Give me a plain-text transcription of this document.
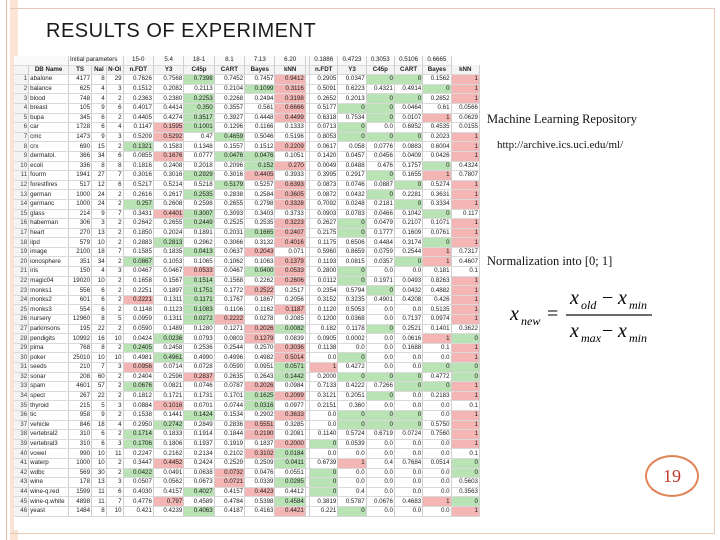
RESULTS OF EXPERIMENT
		Initial parameters			15-0	5.4	18-1	8.1	7.13	6.20		0.1886	0.4723	0.3053	0.5106	0.6665	
	DB Name	TS	Nal	N-Ol	n.FDT	Y3	C45p	CART	Bayes	kNN		n.FDT	Y3	C45p	CART	Bayes	kNN
1	abalone	4177	8	29	0.7626	0.7568	0.7398	0.7452	0.7457	0.9412		0.2905	0.0347	0	0	0.1562	1
2	balance	625	4	3	0.1512	0.2082	0.2113	0.2104	0.1099	0.3116		0.5091	0.6223	0.4321	0.4914	0	1
3	blood	748	4	2	0.2363	0.2380	0.2253	0.2268	0.2494	0.3198		0.2652	0.2013	0	0	0.2852	1
4	breast	105	9	6	0.4017	0.4414	0.350	0.3557	0.561	0.6666		0.5177	0	0	0.0464	0.61	0.0566
5	bupa	345	6	2	0.4405	0.4274	0.3517	0.3927	0.4448	0.4499		0.6318	0.7534	0	0.0107	1	0.0629
6	car	1728	6	4	0.1147	0.1595	0.1001	0.1296	0.1166	0.1333		0.0713	0	0.0	0.6952	0.4535	0.0155
7	cmc	1473	9	3	0.5209	0.5292	0.47	0.4659	0.5046	0.5196		0.8053	0	0	0	0.2023	1
8	crx	690	15	2	0.1321	0.1583	0.1348	0.1557	0.1512	0.2209		0.0617	0.058	0.0776	0.0883	0.6004	1
9	dermatol.	366	34	6	0.0855	0.1676	0.0777	0.0476	0.0476	0.1051		0.1420	0.0457	0.0456	0.0409	0.0426	1
10	ecoli	336	8	8	0.1816	0.2408	0.2018	0.2096	0.152	0.270		0.0049	0.0488	0.476	0.1757	0	0.4324
11	fourm	1941	27	7	0.3016	0.3016	0.2929	0.3016	0.4405	0.3933		0.3995	0.2917	0	0.1655	1	0.7807
12	forestfires	517	12	6	0.5217	0.5214	0.5218	0.5179	0.5257	0.6393		0.0873	0.0746	0.0887	0	0.5274	1
13	german	1000	24	2	0.2616	0.2617	0.2535	0.2838	0.2584	0.3605		0.0872	0.0432	0	0.2281	0.3631	1
14	germanc	1000	24	2	0.257	0.2608	0.2598	0.2655	0.2798	0.3328		0.7092	0.0248	0.2181	0	0.3334	1
15	glass	214	9	7	0.3431	0.4401	0.3007	0.3093	0.3403	0.3733		0.0903	0.0783	0.0466	0.1042	0	0.117
16	haberman	306	3	2	0.2642	0.2655	0.2449	0.2525	0.2535	0.3223		0.2627	0	0.0479	0.2107	0.1071	1
17	heart	270	13	2	0.1850	0.2024	0.1891	0.2031	0.1665	0.2407		0.2175	0	0.1777	0.1609	0.0761	1
18	ilpd	579	10	2	0.2883	0.2813	0.2962	0.3066	0.3132	0.4016		0.1175	0.6506	0.4484	0.3174	0	1
19	image	2100	18	7	0.1585	0.1835	0.0413	0.0637	0.2043	0.071		0.5960	0.8659	0.0759	0.2544	1	0.7317
20	ionosphere	351	34	2	0.0867	0.1053	0.1065	0.1062	0.1063	0.1379		0.1193	0.0815	0.0357	0	1	0.4607
21	iris	150	4	3	0.0467	0.0467	0.0533	0.0467	0.0400	0.0533		0.2800	0	0.0	0.0	0.181	0.1
22	magic04	19020	10	2	0.1658	0.1567	0.1514	0.1568	0.2262	0.2606		0.0112	0	0.1971	0.0493	0.8263	1
23	monks1	556	6	2	0.2251	0.1897	0.1751	0.1772	0.2522	0.2517		0.2354	0.5794	0	0.0432	0.4882	1
24	monks2	601	6	2	0.2221	0.1311	0.1171	0.1767	0.1867	0.2056		0.3152	0.3235	0.4901	0.4208	0.426	1
25	monks3	554	6	2	0.1148	0.1123	0.1083	0.1106	0.1162	0.1187		0.1120	0.5053	0.0	0.0	0.5135	1
26	nursery	12960	8	5	0.0959	0.1311	0.0272	0.2222	0.0278	0.2085		0.1200	0.0368	0.0	0.7137	0.0974	1
27	parkinsons	195	22	2	0.0590	0.1489	0.1280	0.1271	0.2026	0.0082		0.182	0.1178	0	0.2521	0.1401	0.3622
28	pendigits	10992	16	10	0.0424	0.0236	0.0793	0.0803	0.1279	0.0839		0.0905	0.0002	0.0	0.0616	1	0
29	pima	768	8	2	0.2405	0.2458	0.2536	0.2544	0.2570	0.3036		0.1138	0.0	0.0	0.1688	0.1	1
30	poker	25010	10	10	0.4981	0.4961	0.4990	0.4996	0.4982	0.5014		0.0	0	0.0	0.0	0.0	1
31	seeds	210	7	3	0.0956	0.0714	0.0728	0.0590	0.0951	0.0571		1	0.4272	0.0	0.0	0	0
32	sonar	208	60	2	0.2404	0.2596	0.2837	0.2635	0.2643	0.1442		0.2000	0	0	0	0.4772	0
33	spam	4601	57	2	0.0676	0.0821	0.0746	0.0787	0.2026	0.0984		0.7133	0.4222	0.7266	0	0	1
34	spect	267	22	2	0.1812	0.1721	0.1731	0.1701	0.1625	0.2099		0.3121	0.2051	0	0.0	0.2183	1
35	thyroid	215	5	3	0.0884	0.1016	0.0701	0.0744	0.0316	0.0977		0.2151	0.360	0.0	0.0	0.0	0.1
36	tic	958	9	2	0.1538	0.1441	0.1424	0.1534	0.2902	0.3633		0.0	0	0	0	0.0	1
37	vehicle	846	18	4	0.2950	0.2742	0.2849	0.2836	0.5551	0.3285		0.0	0	0	0	0.5750	1
38	vertebral2	310	6	2	0.1714	0.1833	0.1914	0.1844	0.2190	0.2081		0.1140	0.5724	0.6719	0.0724	0.7560	1
39	vertebral3	310	6	3	0.1706	0.1806	0.1937	0.1919	0.1837	0.2000		0	0.0539	0.0	0.0	0.0	1
40	vowel	990	10	11	0.2247	0.2162	0.2134	0.2102	0.3102	0.0184		0.0	0.0	0.0	0.0	0.0	0.1
41	waterp	1000	10	2	0.3447	0.4452	0.2424	0.2529	0.2509	0.0411		0.6739	1	0.4	0.7684	0.0514	0
42	wdbc	569	30	2	0.0422	0.0491	0.0638	0.0732	0.0476	0.0551		0	0.0	0.0	0.0	0.0	0
43	wine	178	13	3	0.0507	0.0562	0.0673	0.0721	0.0339	0.0285		0	0.0	0.0	0.0	0.0	0.5603
44	wine-q.red	1599	11	6	0.4030	0.4157	0.4027	0.4157	0.4423	0.4412		0	0.4	0.0	0.0	0.0	0.3563
45	wine-q.white	4898	11	7	0.4776	0.797	0.4589	0.4784	0.5398	0.4584		0.3819	0.5787	0.0676	0.4683	1	0
46	yeast	1484	8	10	0.421	0.4239	0.4063	0.4187	0.4163	0.4421		0.221	0	0.0	0.0	0.0	1
Machine Learning Repository
http://archive.ics.uci.edu/ml/
Normalization into [0; 1]
x new =
x old − x min
x max − x min
19
